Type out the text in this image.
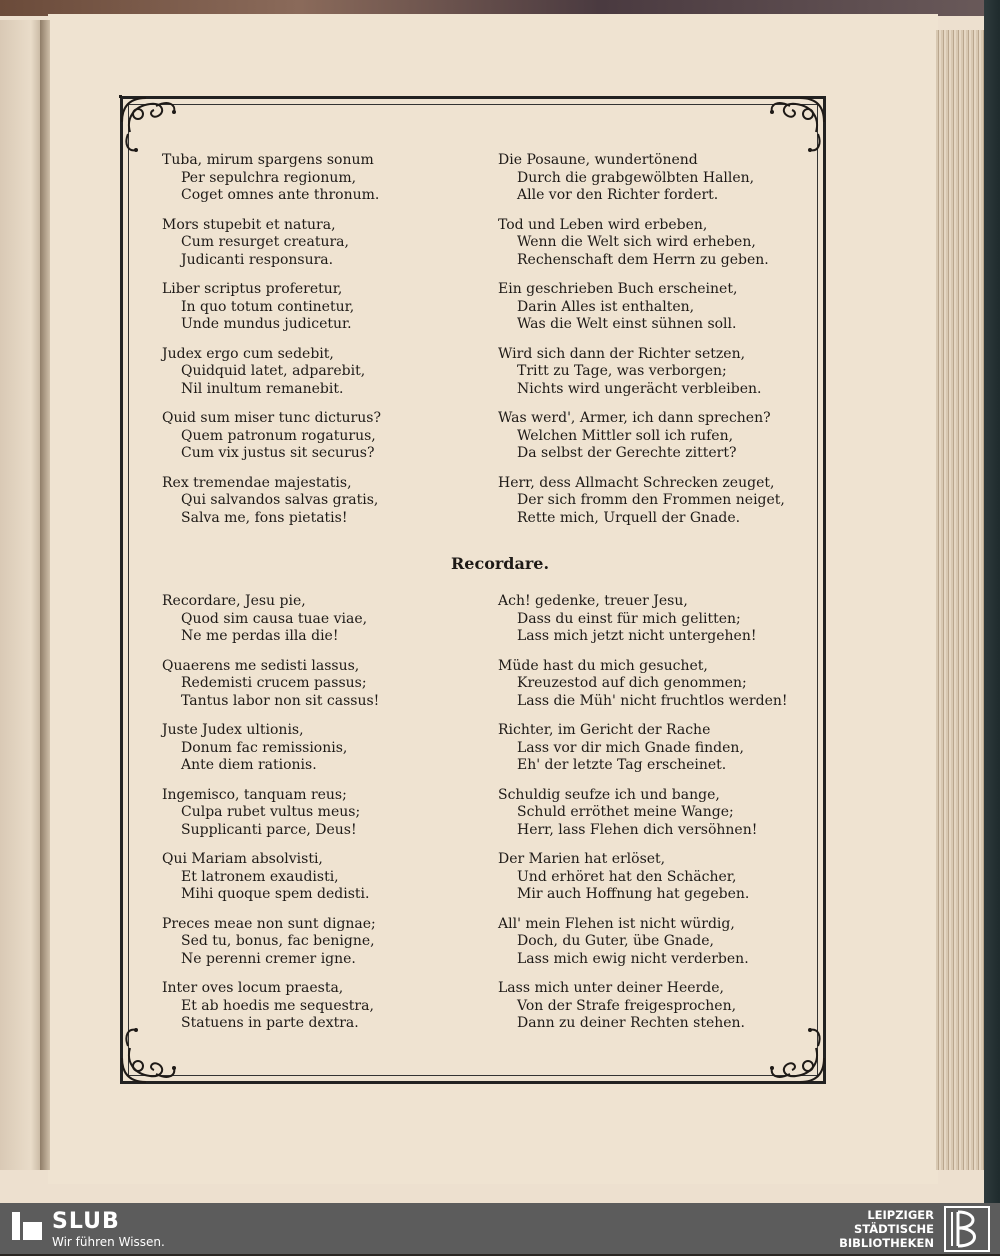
Tuba, mirum spargens sonum
Per sepulchra regionum,
Coget omnes ante thronum.
Mors stupebit et natura,
Cum resurget creatura,
Judicanti responsura.
Liber scriptus proferetur,
In quo totum continetur,
Unde mundus judicetur.
Judex ergo cum sedebit,
Quidquid latet, adparebit,
Nil inultum remanebit.
Quid sum miser tunc dicturus?
Quem patronum rogaturus,
Cum vix justus sit securus?
Rex tremendae majestatis,
Qui salvandos salvas gratis,
Salva me, fons pietatis!
Die Posaune, wundertönend
Durch die grabgewölbten Hallen,
Alle vor den Richter fordert.
Tod und Leben wird erbeben,
Wenn die Welt sich wird erheben,
Rechenschaft dem Herrn zu geben.
Ein geschrieben Buch erscheinet,
Darin Alles ist enthalten,
Was die Welt einst sühnen soll.
Wird sich dann der Richter setzen,
Tritt zu Tage, was verborgen;
Nichts wird ungerächt verbleiben.
Was werd', Armer, ich dann sprechen?
Welchen Mittler soll ich rufen,
Da selbst der Gerechte zittert?
Herr, dess Allmacht Schrecken zeuget,
Der sich fromm den Frommen neiget,
Rette mich, Urquell der Gnade.
Recordare.
Recordare, Jesu pie,
Quod sim causa tuae viae,
Ne me perdas illa die!
Quaerens me sedisti lassus,
Redemisti crucem passus;
Tantus labor non sit cassus!
Juste Judex ultionis,
Donum fac remissionis,
Ante diem rationis.
Ingemisco, tanquam reus;
Culpa rubet vultus meus;
Supplicanti parce, Deus!
Qui Mariam absolvisti,
Et latronem exaudisti,
Mihi quoque spem dedisti.
Preces meae non sunt dignae;
Sed tu, bonus, fac benigne,
Ne perenni cremer igne.
Inter oves locum praesta,
Et ab hoedis me sequestra,
Statuens in parte dextra.
Ach! gedenke, treuer Jesu,
Dass du einst für mich gelitten;
Lass mich jetzt nicht untergehen!
Müde hast du mich gesuchet,
Kreuzestod auf dich genommen;
Lass die Müh' nicht fruchtlos werden!
Richter, im Gericht der Rache
Lass vor dir mich Gnade finden,
Eh' der letzte Tag erscheinet.
Schuldig seufze ich und bange,
Schuld erröthet meine Wange;
Herr, lass Flehen dich versöhnen!
Der Marien hat erlöset,
Und erhöret hat den Schächer,
Mir auch Hoffnung hat gegeben.
All' mein Flehen ist nicht würdig,
Doch, du Guter, übe Gnade,
Lass mich ewig nicht verderben.
Lass mich unter deiner Heerde,
Von der Strafe freigesprochen,
Dann zu deiner Rechten stehen.
SLUB
Wir führen Wissen.
LEIPZIGER
STÄDTISCHE
BIBLIOTHEKEN
